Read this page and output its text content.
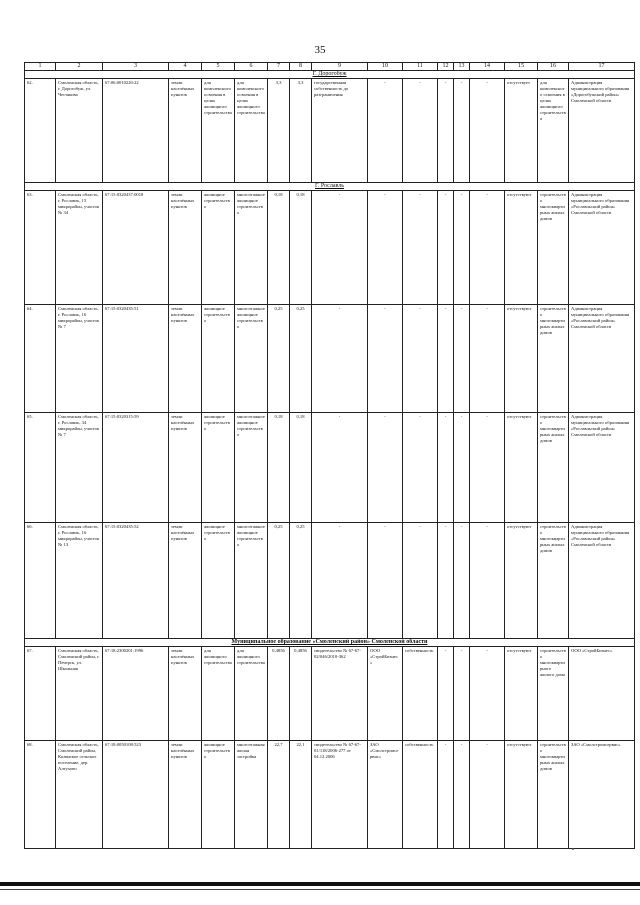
35
1	2	3	4	5	6	7	8	9	10	11	12	13	14	15	16	17
Г. Дорогобуж																
62.	Смоленская область, г. Дорогобуж, ул. Честякова	67:06:0010220:22	земли населённых пунктов	для комплексного освоения в целях жилищного строительства	для комплексного освоения в целях жилищного строительства	3,3	3,3	государственная собственность до разграничения	-	-	-	-	-	отсутствует	для комплексного освоения в целях жилищного строительства	Администрация муниципального образования «Дорогобужский район» Смоленской области
Г. Рославль																
63.	Смоленская область, г. Рославль, 15 микрорайон, участок № 34	67:15:0320437:0018	земли населённых пунктов	жилищное строительство	многоэтажное жилищное строительство	0,18	0,18	-	-	-	-	-	-	отсутствуют	строительство многоквартирных жилых домов	Администрация муниципального образования «Рославльский район» Смоленской области
64.	Смоленская область, г. Рославль, 16 микрорайон, участок № 7	67:15:0320435:51	земли населённых пунктов	жилищное строительство	многоэтажное жилищное строительство	0,25	0,25	-	-	-	-	-	-	отсутствуют	строительство многоквартирных жилых домов	Администрация муниципального образования «Рославльский район» Смоленской области
65.	Смоленская область, г. Рославль, 34 микрорайон, участок № 7	67:15:0320315:59	земли населённых пунктов	жилищное строительство	многоэтажное жилищное строительство	0,18	0,18	-	-	-	-	-	-	отсутствуют	строительство многоквартирных жилых домов	Администрация муниципального образования «Рославльский район» Смоленской области
66.	Смоленская область, г. Рославль, 16 микрорайон, участок № 13	67:15:0320435:52	земли населённых пунктов	жилищное строительство	многоэтажное жилищное строительство	0,25	0,25	-	-	-	-	-	-	отсутствуют	строительство многоквартирных жилых домов	Администрация муниципального образования «Рославльский район» Смоленской области
Муниципальное образование «Смоленский район» Смоленской области																
67.	Смоленская область, Смоленский район, г. Печерск, ул. Школьная	67:18:2300201:1996	земли населённых пунктов	для жилищного строительства	для жилищного строительства	0,4856	0,4856	свидетельство № 67-67-02/046/2010-362	ООО «СтройБизнес»	собственность	-	-	-	отсутствуют	строительство многоквартирного жилого дома	ООО «СтройБизнес»
68.	Смоленская область, Смоленский район, Козинское сельское поселение, дер. Алтухово	67:18:0050108:523	земли населённых пунктов	жилищное строительство	многоэтажная жилая застройка	22,7	22,1	свидетельство № 67-67-01/118/2006-277 от 04.12.2006	ЗАО «Смолстромсервис»	собственность	-	-	-	отсутствуют	строительство многоквартирных жилых домов	ЗАО «Смолстромсервис»
